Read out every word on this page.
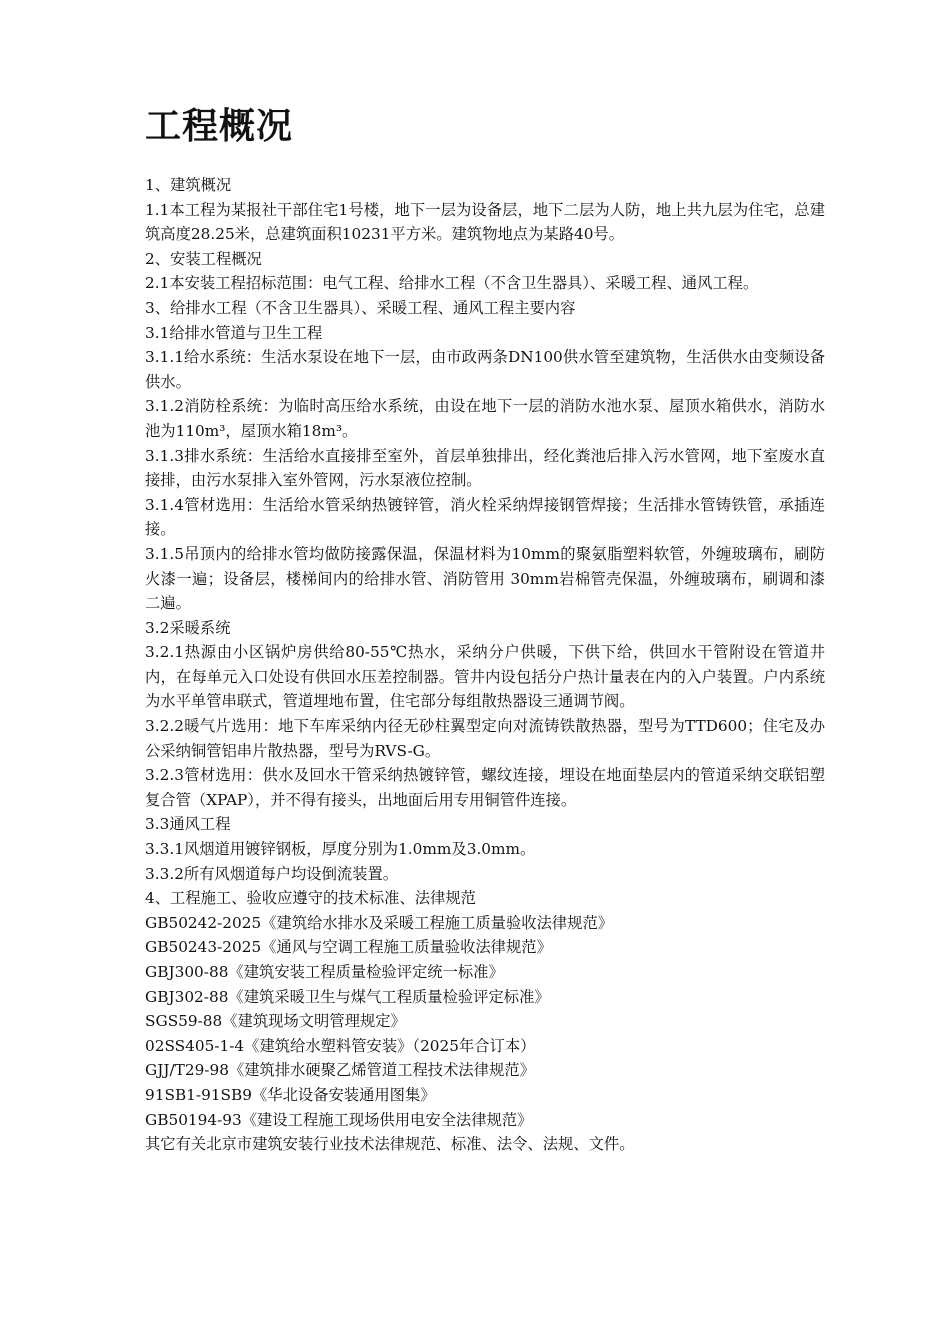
工程概况

1、建筑概况

1.1本工程为某报社干部住宅1号楼，地下一层为设备层，地下二层为人防，地上共九层为住宅，总建筑高度28.25米，总建筑面积10231平方米。建筑物地点为某路40号。

2、安装工程概况

2.1本安装工程招标范围：电气工程、给排水工程（不含卫生器具）、采暖工程、通风工程。

3、给排水工程（不含卫生器具）、采暖工程、通风工程主要内容

3.1给排水管道与卫生工程

3.1.1给水系统：生活水泵设在地下一层，由市政两条DN100供水管至建筑物，生活供水由变频设备供水。

3.1.2消防栓系统：为临时高压给水系统，由设在地下一层的消防水池水泵、屋顶水箱供水，消防水池为110m³，屋顶水箱18m³。

3.1.3排水系统：生活给水直接排至室外，首层单独排出，经化粪池后排入污水管网，地下室废水直接排，由污水泵排入室外管网，污水泵液位控制。

3.1.4管材选用：生活给水管采纳热镀锌管，消火栓采纳焊接钢管焊接；生活排水管铸铁管，承插连接。

3.1.5吊顶内的给排水管均做防接露保温，保温材料为10mm的聚氨脂塑料软管，外缠玻璃布，刷防火漆一遍；设备层，楼梯间内的给排水管、消防管用 30mm岩棉管壳保温，外缠玻璃布，刷调和漆二遍。

3.2采暖系统

3.2.1热源由小区锅炉房供给80-55℃热水，采纳分户供暖，下供下给，供回水干管附设在管道井内，在每单元入口处设有供回水压差控制器。管井内设包括分户热计量表在内的入户装置。户内系统为水平单管串联式，管道埋地布置，住宅部分每组散热器设三通调节阀。

3.2.2暖气片选用：地下车库采纳内径无砂柱翼型定向对流铸铁散热器，型号为TTD600；住宅及办公采纳铜管铝串片散热器，型号为RVS-G。

3.2.3管材选用：供水及回水干管采纳热镀锌管，螺纹连接，埋设在地面垫层内的管道采纳交联铝塑复合管（XPAP），并不得有接头，出地面后用专用铜管件连接。

3.3通风工程

3.3.1风烟道用镀锌钢板，厚度分别为1.0mm及3.0mm。

3.3.2所有风烟道每户均设倒流装置。

4、工程施工、验收应遵守的技术标准、法律规范

GB50242-2025《建筑给水排水及采暖工程施工质量验收法律规范》

GB50243-2025《通风与空调工程施工质量验收法律规范》

GBJ300-88《建筑安装工程质量检验评定统一标准》

GBJ302-88《建筑采暖卫生与煤气工程质量检验评定标准》

SGS59-88《建筑现场文明管理规定》

02SS405-1-4《建筑给水塑料管安装》（2025年合订本）

GJJ/T29-98《建筑排水硬聚乙烯管道工程技术法律规范》

91SB1-91SB9《华北设备安装通用图集》

GB50194-93《建设工程施工现场供用电安全法律规范》

其它有关北京市建筑安装行业技术法律规范、标准、法令、法规、文件。
